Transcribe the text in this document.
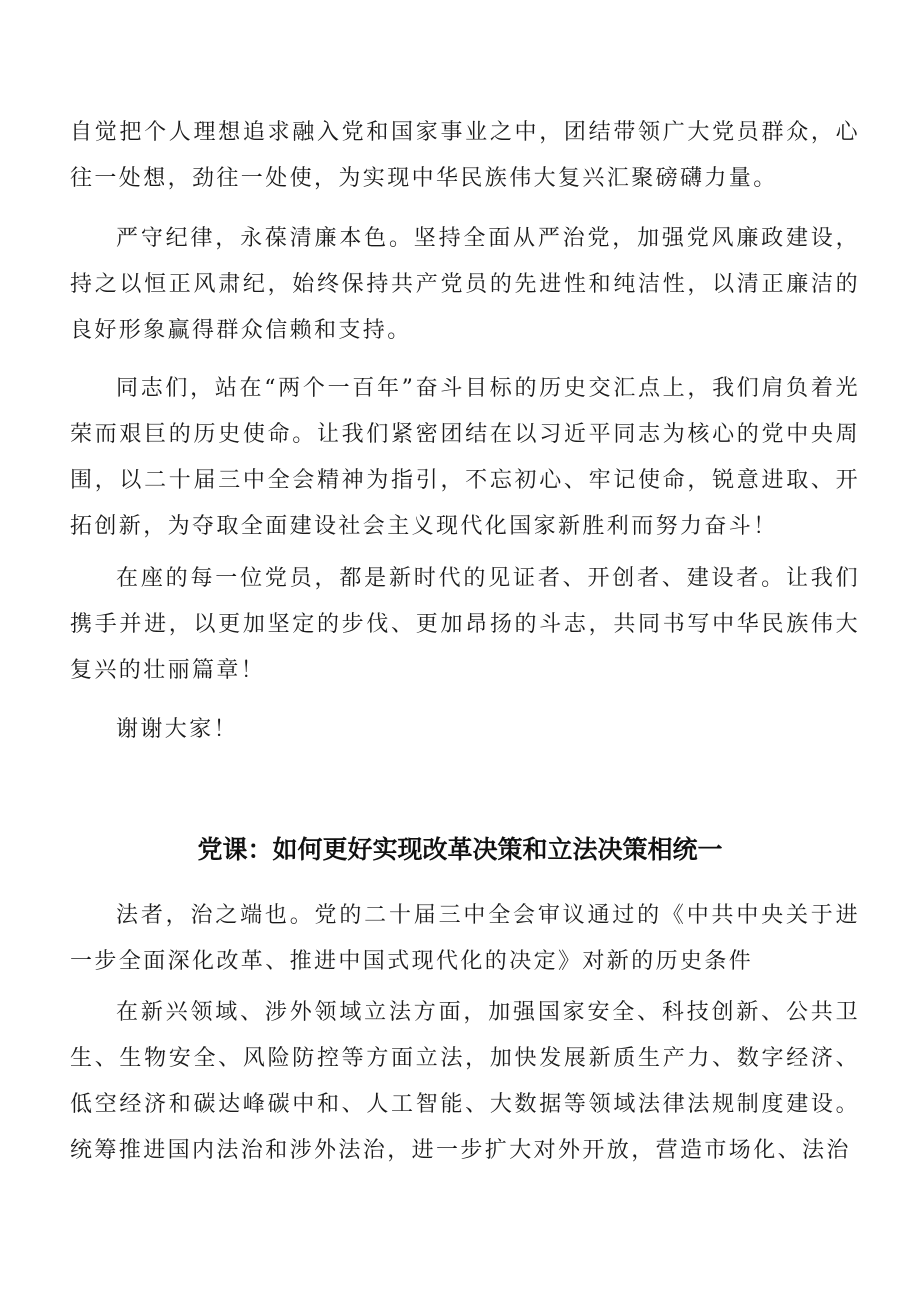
自觉把个人理想追求融入党和国家事业之中，团结带领广大党员群众，心往一处想，劲往一处使，为实现中华民族伟大复兴汇聚磅礴力量。

严守纪律，永葆清廉本色。坚持全面从严治党，加强党风廉政建设，持之以恒正风肃纪，始终保持共产党员的先进性和纯洁性，以清正廉洁的良好形象赢得群众信赖和支持。

同志们，站在“两个一百年”奋斗目标的历史交汇点上，我们肩负着光荣而艰巨的历史使命。让我们紧密团结在以习近平同志为核心的党中央周围，以二十届三中全会精神为指引，不忘初心、牢记使命，锐意进取、开拓创新，为夺取全面建设社会主义现代化国家新胜利而努力奋斗！

在座的每一位党员，都是新时代的见证者、开创者、建设者。让我们携手并进，以更加坚定的步伐、更加昂扬的斗志，共同书写中华民族伟大复兴的壮丽篇章！

谢谢大家！

党课：如何更好实现改革决策和立法决策相统一

法者，治之端也。党的二十届三中全会审议通过的《中共中央关于进一步全面深化改革、推进中国式现代化的决定》对新的历史条件

在新兴领域、涉外领域立法方面，加强国家安全、科技创新、公共卫生、生物安全、风险防控等方面立法，加快发展新质生产力、数字经济、低空经济和碳达峰碳中和、人工智能、大数据等领域法律法规制度建设。统筹推进国内法治和涉外法治，进一步扩大对外开放，营造市场化、法治
